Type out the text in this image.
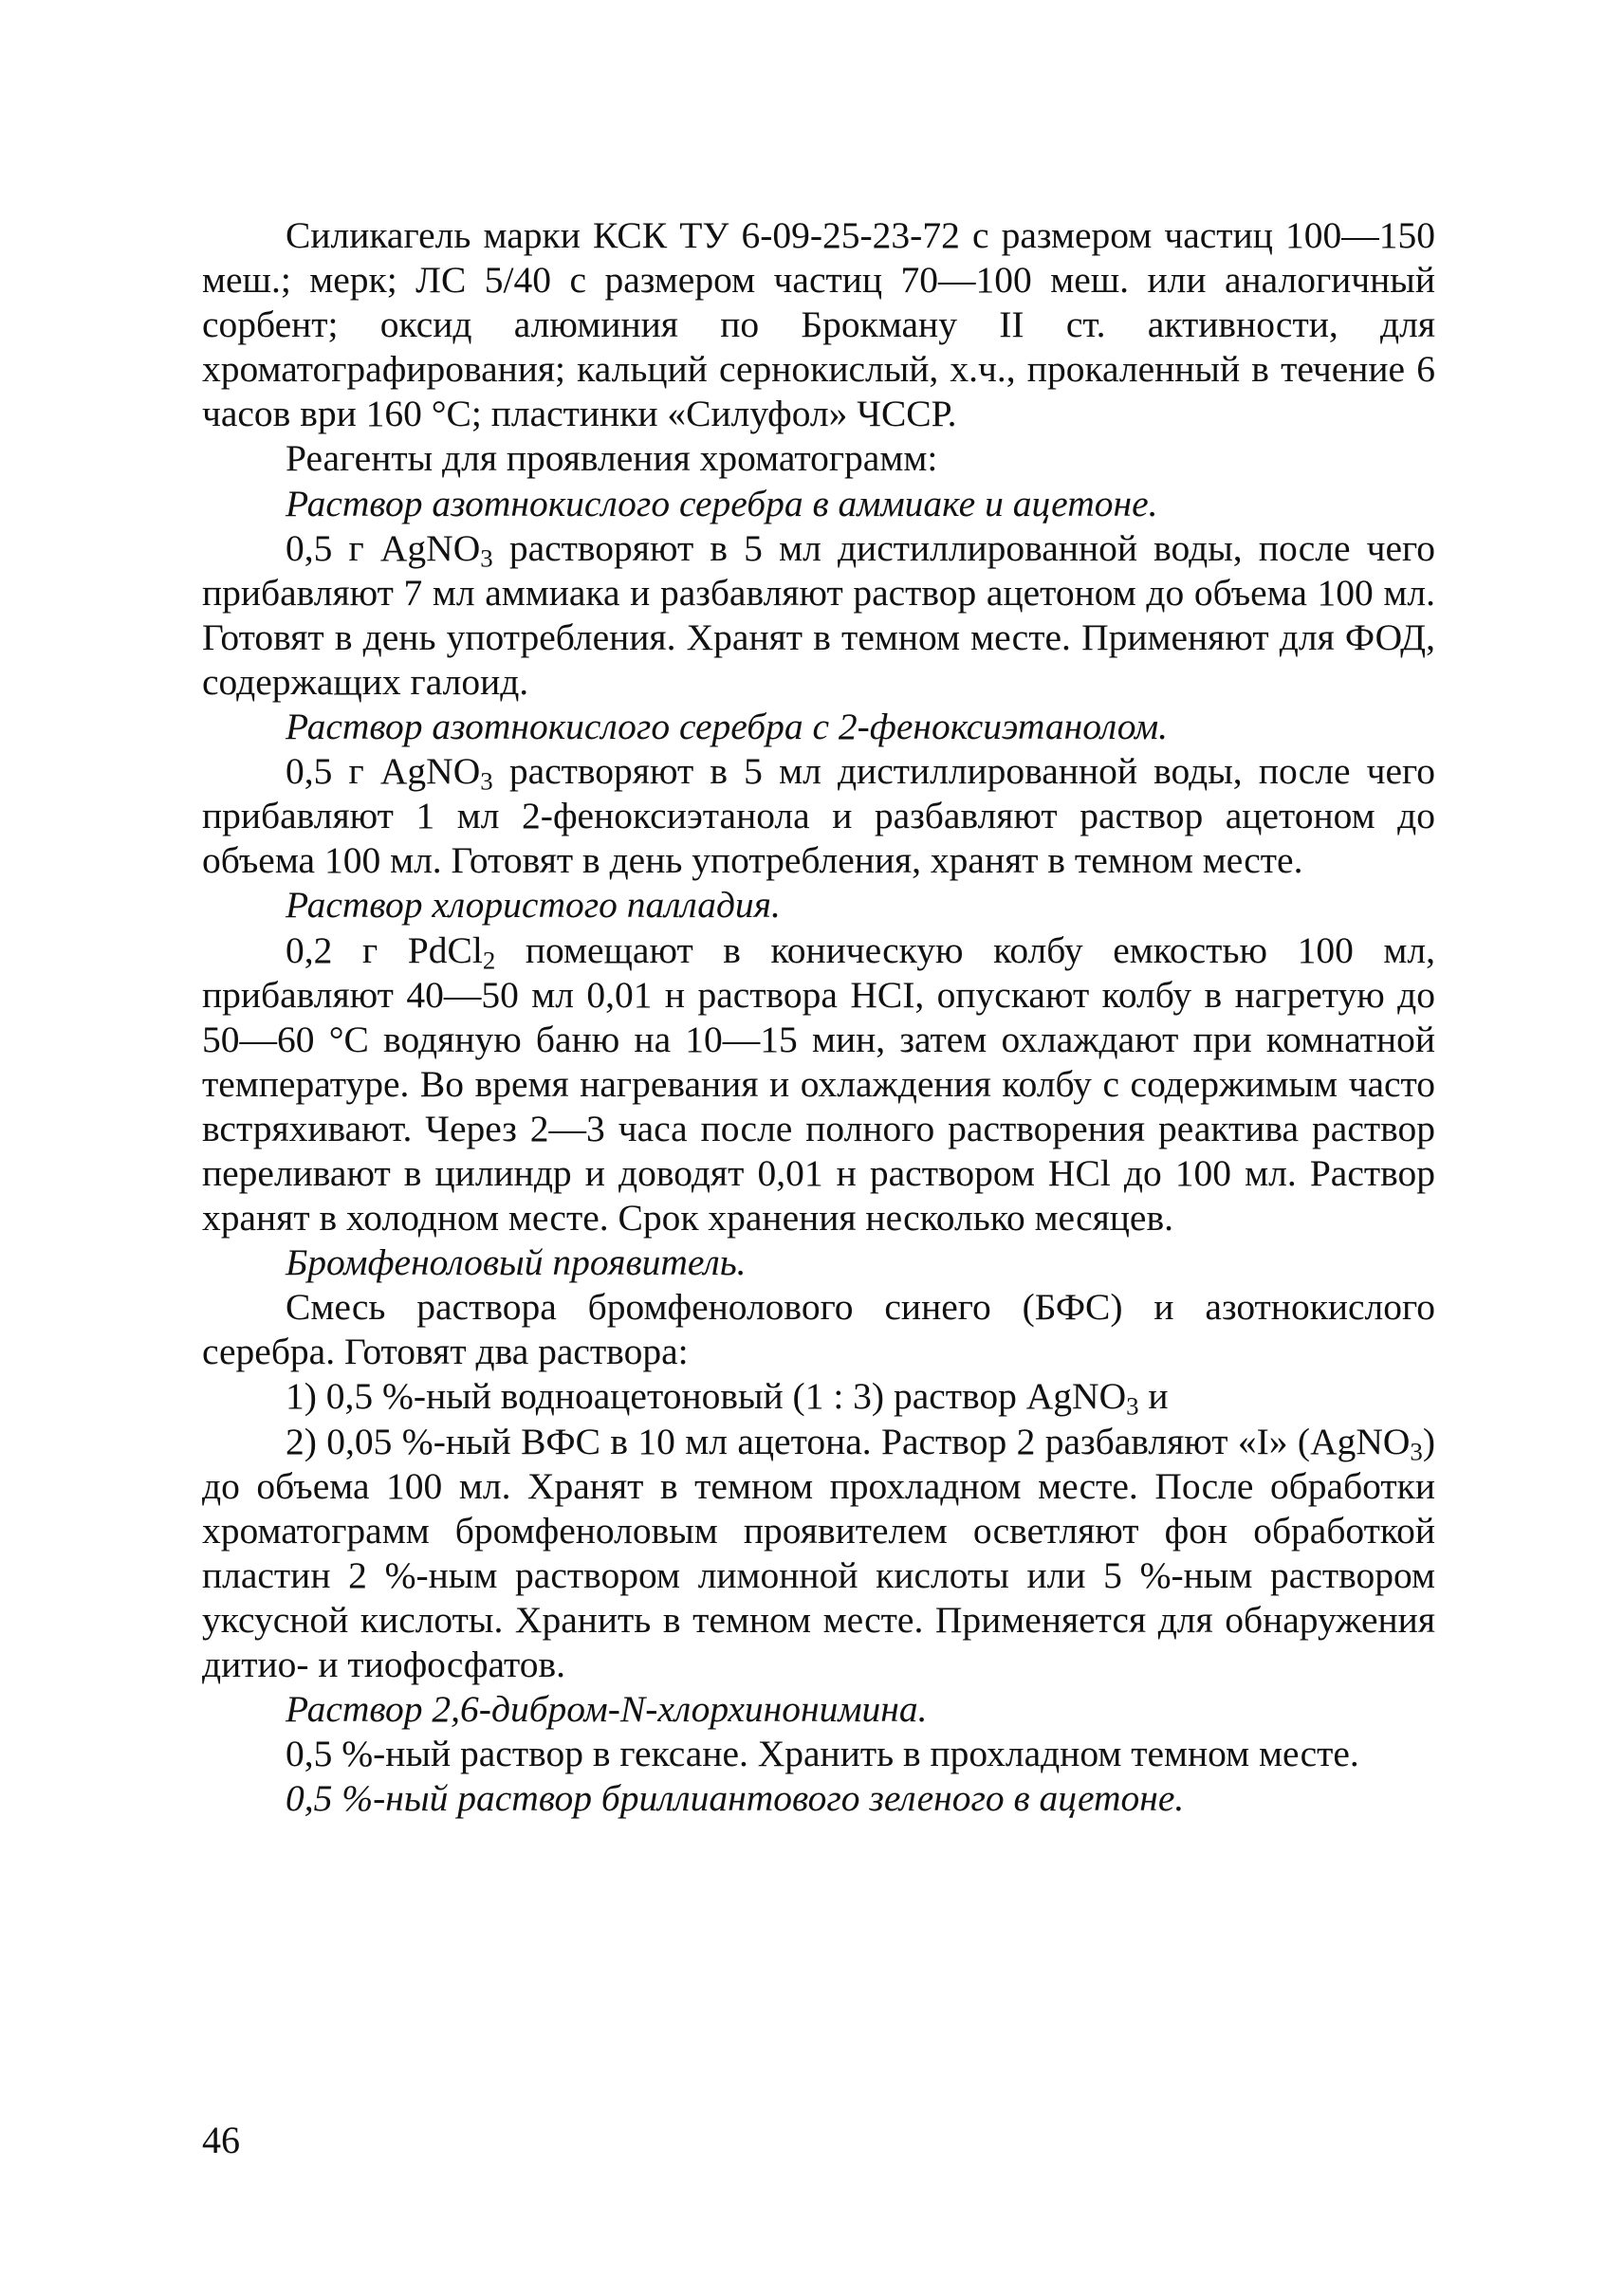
Силикагель марки КСК ТУ 6-09-25-23-72 с размером частиц 100—150 меш.; мерк; ЛС 5/40 с размером частиц 70—100 меш. или аналогичный сорбент; оксид алюминия по Брокману II ст. активности, для хроматографирования; кальций сернокислый, х.ч., прокаленный в течение 6 часов ври 160 °С; пластинки «Силуфол» ЧССР.

Реагенты для проявления хроматограмм:

Раствор азотнокислого серебра в аммиаке и ацетоне.

0,5 г AgNO$_3$ растворяют в 5 мл дистиллированной воды, после чего прибавляют 7 мл аммиака и разбавляют раствор ацетоном до объема 100 мл. Готовят в день употребления. Хранят в темном месте. Применяют для ФОД, содержащих галоид.

Раствор азотнокислого серебра с 2-феноксиэтанолом.

0,5 г AgNO$_3$ растворяют в 5 мл дистиллированной воды, после чего прибавляют 1 мл 2-феноксиэтанола и разбавляют раствор ацетоном до объема 100 мл. Готовят в день употребления, хранят в темном месте.

Раствор хлористого палладия.

0,2 г PdCl$_2$ помещают в коническую колбу емкостью 100 мл, прибавляют 40—50 мл 0,01 н раствора НСI, опускают колбу в нагретую до 50—60 °С водяную баню на 10—15 мин, затем охлаждают при комнатной температуре. Во время нагревания и охлаждения колбу с содержимым часто встряхивают. Через 2—3 часа после полного растворения реактива раствор переливают в цилиндр и доводят 0,01 н раствором HCl до 100 мл. Раствор хранят в холодном месте. Срок хранения несколько месяцев.

Бромфеноловый проявитель.

Смесь раствора бромфенолового синего (БФС) и азотнокислого серебра. Готовят два раствора:

1) 0,5 %-ный водноацетоновый (1 : 3) раствор AgNO$_3$ и

2) 0,05 %-ный ВФС в 10 мл ацетона. Раствор 2 разбавляют «I» (AgNO$_3$) до объема 100 мл. Хранят в темном прохладном месте. После обработки хроматограмм бромфеноловым проявителем осветляют фон обработкой пластин 2 %-ным раствором лимонной кислоты или 5 %-ным раствором уксусной кислоты. Хранить в темном месте. Применяется для обнаружения дитио- и тиофосфатов.

Раствор 2,6-дибром-N-хлорхинонимина.

0,5 %-ный раствор в гексане. Хранить в прохладном темном месте.

0,5 %-ный раствор бриллиантового зеленого в ацетоне.

46
